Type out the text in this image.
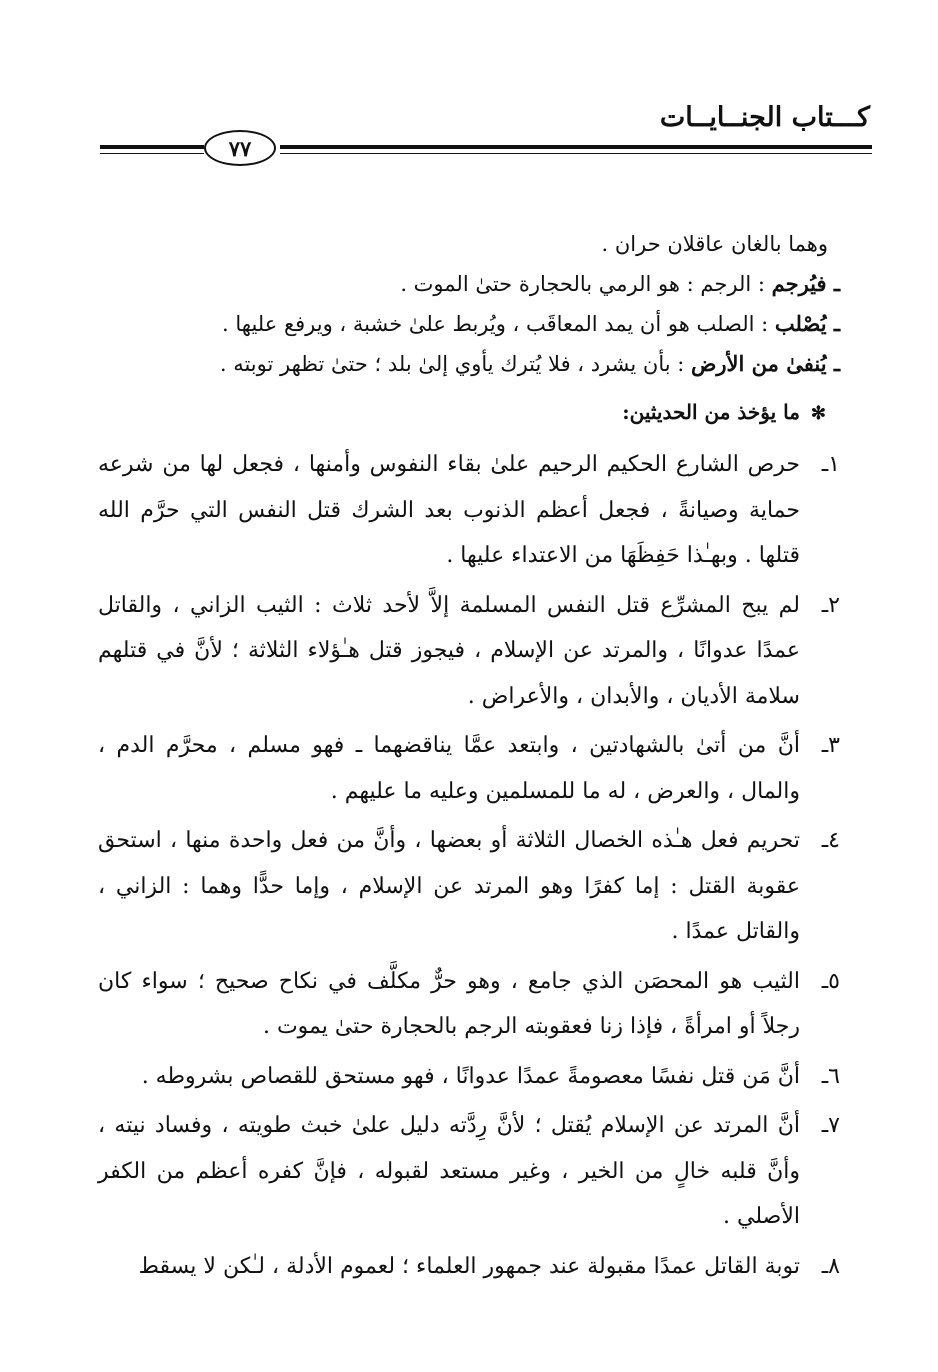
كـــتاب الجنــايــات
٧٧
وهما بالغان عاقلان حران .
ـ فيُرجم : الرجم : هو الرمي بالحجارة حتىٰ الموت .
ـ يُصْلب : الصلب هو أن يمد المعاقَب ، ويُربط علىٰ خشبة ، ويرفع عليها .
ـ يُنفىٰ من الأرض : بأن يشرد ، فلا يُترك يأوي إلىٰ بلد ؛ حتىٰ تظهر توبته .
✻ ما يؤخذ من الحديثين:
١ـ
حرص الشارع الحكيم الرحيم علىٰ بقاء النفوس وأمنها ، فجعل لها من شرعه حماية وصيانةً ، فجعل أعظم الذنوب بعد الشرك قتل النفس التي حرَّم الله قتلها . وبهـٰذا حَفِظَهَا من الاعتداء عليها .
٢ـ
لم يبح المشرِّع قتل النفس المسلمة إلاَّ لأحد ثلاث : الثيب الزاني ، والقاتل عمدًا عدوانًا ، والمرتد عن الإسلام ، فيجوز قتل هـٰؤلاء الثلاثة ؛ لأنَّ في قتلهم سلامة الأديان ، والأبدان ، والأعراض .
٣ـ
أنَّ من أتىٰ بالشهادتين ، وابتعد عمَّا يناقضهما ـ فهو مسلم ، محرَّم الدم ، والمال ، والعرض ، له ما للمسلمين وعليه ما عليهم .
٤ـ
تحريم فعل هـٰذه الخصال الثلاثة أو بعضها ، وأنَّ من فعل واحدة منها ، استحق عقوبة القتل : إما كفرًا وهو المرتد عن الإسلام ، وإما حدًّا وهما : الزاني ، والقاتل عمدًا .
٥ـ
الثيب هو المحصَن الذي جامع ، وهو حرٌّ مكلَّف في نكاح صحيح ؛ سواء كان رجلاً أو امرأةً ، فإذا زنا فعقوبته الرجم بالحجارة حتىٰ يموت .
٦ـ
أنَّ مَن قتل نفسًا معصومةً عمدًا عدوانًا ، فهو مستحق للقصاص بشروطه .
٧ـ
أنَّ المرتد عن الإسلام يُقتل ؛ لأنَّ رِدَّته دليل علىٰ خبث طويته ، وفساد نيته ، وأنَّ قلبه خالٍ من الخير ، وغير مستعد لقبوله ، فإنَّ كفره أعظم من الكفر الأصلي .
٨ـ
توبة القاتل عمدًا مقبولة عند جمهور العلماء ؛ لعموم الأدلة ، لـٰكن لا يسقط
